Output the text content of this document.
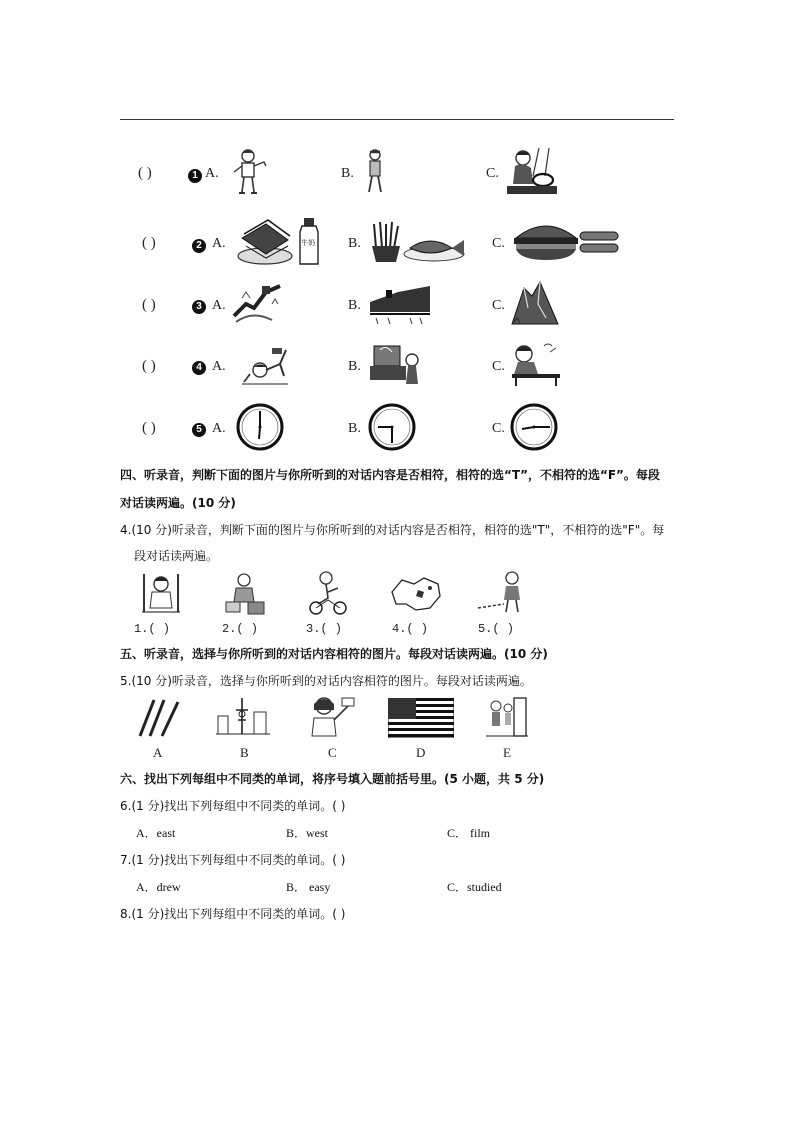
( )	1 A.	B.	C.
( )	2 A.	牛奶 B.	C.
( )	3 A.	B.	C.
( )	4 A.	B.	C.
( )	5 A.	B.	C.
四、听录音，判断下面的图片与你所听到的对话内容是否相符，相符的选“T”，不相符的选“F”。每段
对话读两遍。(10 分)
4.(10 分)听录音，判断下面的图片与你所听到的对话内容是否相符，相符的选"T"，不相符的选"F"。每
段对话读两遍。
1.( )	2.( )	3.( )	4.( )	5.( )
五、听录音，选择与你所听到的对话内容相符的图片。每段对话读两遍。(10 分)
5.(10 分)听录音，选择与你所听到的对话内容相符的图片。每段对话读两遍。
A	B	C	D	E
六、找出下列每组中不同类的单词，将序号填入题前括号里。(5 小题，共 5 分)
6.(1 分)找出下列每组中不同类的单词。( )
A．east	B．west	C． film
7.(1 分)找出下列每组中不同类的单词。( )
A．drew	B． easy	C．studied
8.(1 分)找出下列每组中不同类的单词。( )
